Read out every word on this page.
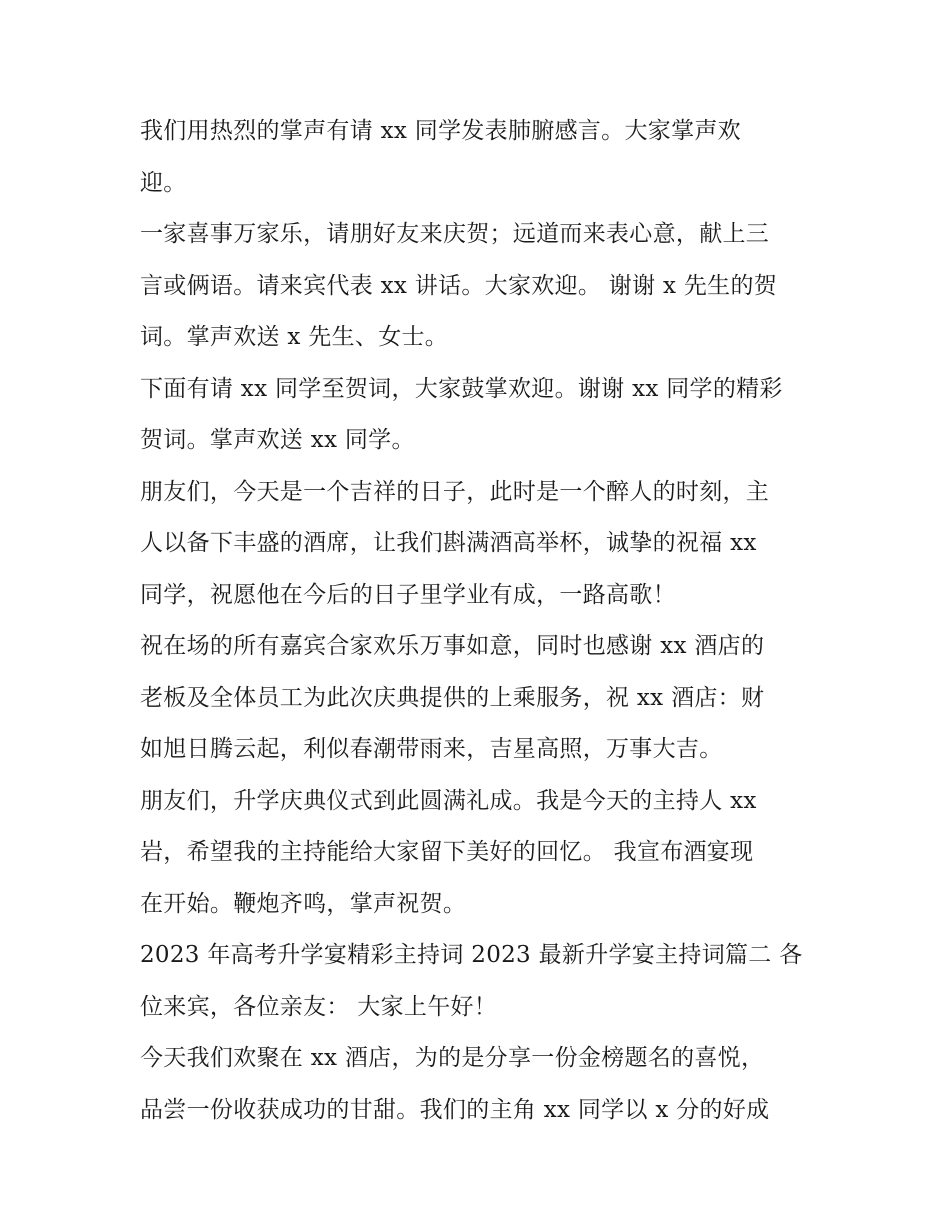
我们用热烈的掌声有请 xx 同学发表肺腑感言。大家掌声欢
迎。

一家喜事万家乐，请朋好友来庆贺；远道而来表心意，献上三
言或俩语。请来宾代表 xx 讲话。大家欢迎。 谢谢 x 先生的贺
词。掌声欢送 x 先生、女士。

下面有请 xx 同学至贺词，大家鼓掌欢迎。谢谢 xx 同学的精彩
贺词。掌声欢送 xx 同学。

朋友们，今天是一个吉祥的日子，此时是一个醉人的时刻，主
人以备下丰盛的酒席，让我们斟满酒高举杯，诚挚的祝福 xx
同学，祝愿他在今后的日子里学业有成，一路高歌！

祝在场的所有嘉宾合家欢乐万事如意，同时也感谢 xx 酒店的
老板及全体员工为此次庆典提供的上乘服务，祝 xx 酒店：财
如旭日腾云起，利似春潮带雨来，吉星高照，万事大吉。

朋友们，升学庆典仪式到此圆满礼成。我是今天的主持人 xx
岩，希望我的主持能给大家留下美好的回忆。 我宣布酒宴现
在开始。鞭炮齐鸣，掌声祝贺。

2023 年高考升学宴精彩主持词 2023 最新升学宴主持词篇二 各
位来宾，各位亲友： 大家上午好！

今天我们欢聚在 xx 酒店，为的是分享一份金榜题名的喜悦，
品尝一份收获成功的甘甜。我们的主角 xx 同学以 x 分的好成
